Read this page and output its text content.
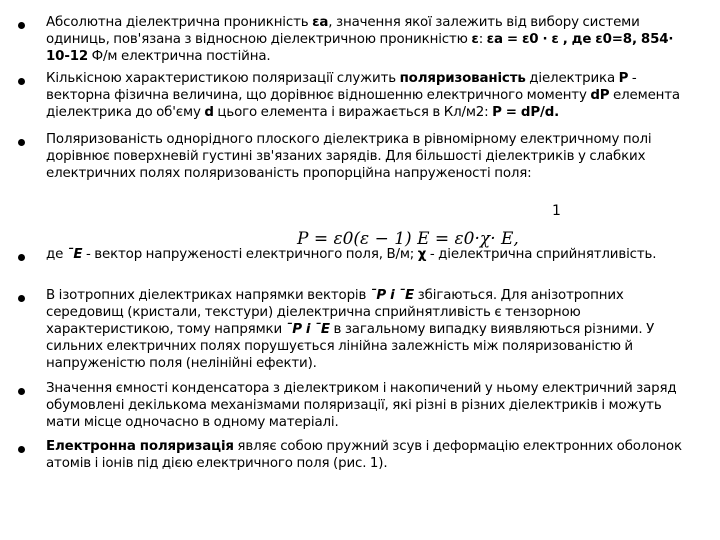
Абсолютна діелектрична проникність εа, значення якої залежить від вибору системи одиниць, пов'язана з відносною діелектричною проникністю ε: εа = ε0 · ε , де ε0=8, 854· 10-12 Ф/м електрична постійна.
Кількісною характеристикою поляризації служить поляризованість діелектрика Р - векторна фізична величина, що дорівнює відношенню електричного моменту dР елемента діелектрика до об'єму d цього елемента і виражається в Кл/м2: Р = dР/d.
Поляризованість однорідного плоского діелектрика в рівномірному електричному полі дорівнює поверхневій густині зв'язаних зарядів. Для більшості діелектриків у слабких електричних полях поляризованість пропорційна напруженості поля:
де ¯E - вектор напруженості електричного поля, В/м; χ - діелектрична сприйнятливість.
В ізотропних діелектриках напрямки векторів ¯Р і ¯E збігаються. Для анізотропних середовищ (кристали, текстури) діелектрична сприйнятливість є тензорною характеристикою, тому напрямки ¯Р і ¯E в загальному випадку виявляються різними. У сильних електричних полях порушується лінійна залежність між поляризованістю й напруженістю поля (нелінійні ефекти).
Значення ємності конденсатора з діелектриком і накопичений у ньому електричний заряд обумовлені декількома механізмами поляризації, які різні в різних діелектриків і можуть мати місце одночасно в одному матеріалі.
Електронна поляризація являє собою пружний зсув і деформацію електронних оболонок атомів і іонів під дією електричного поля (рис. 1).
1
P = ε0(ε − 1) E = ε0·χ· E,
